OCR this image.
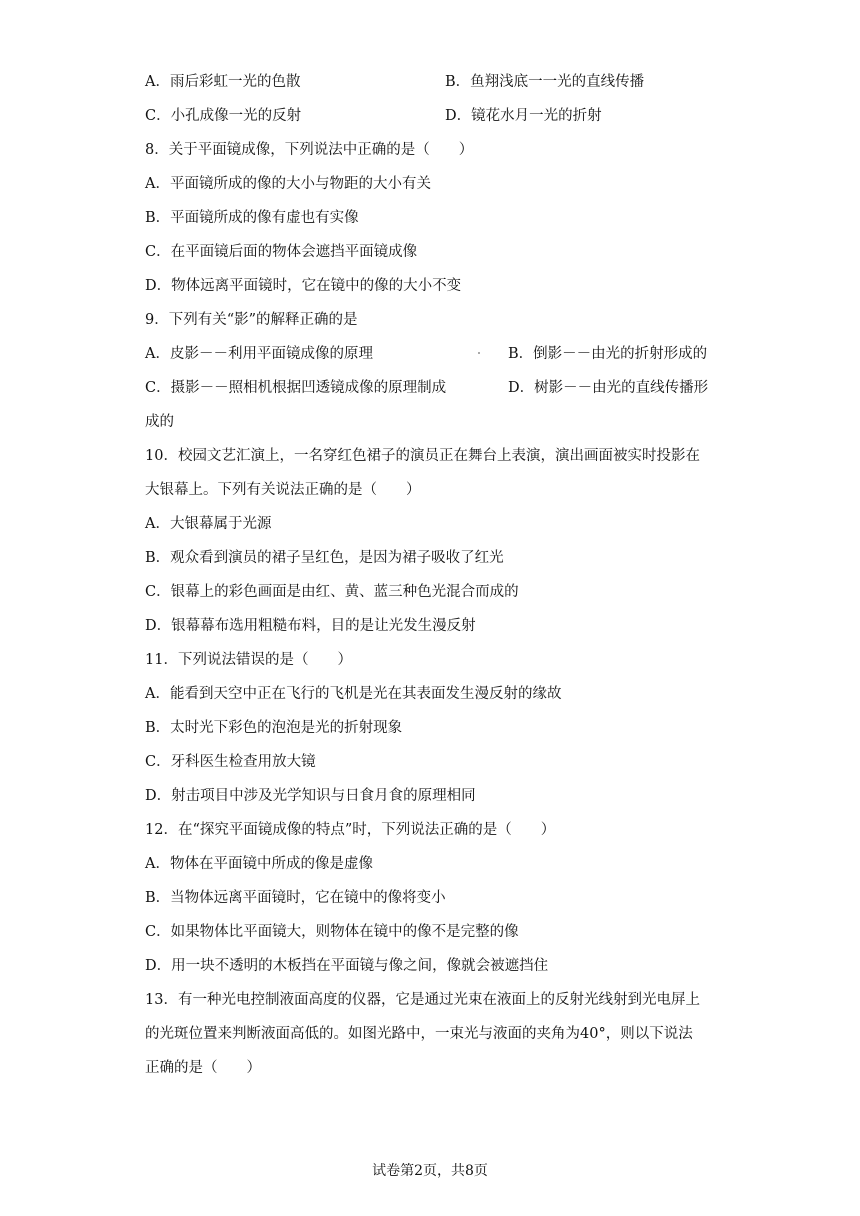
A．雨后彩虹一光的色散	B．鱼翔浅底一一光的直线传播
C．小孔成像一光的反射	D．镜花水月一光的折射
8．关于平面镜成像，下列说法中正确的是（　　）
A．平面镜所成的像的大小与物距的大小有关
B．平面镜所成的像有虚也有实像
C．在平面镜后面的物体会遮挡平面镜成像
D．物体远离平面镜时，它在镜中的像的大小不变
9．下列有关“影”的解释正确的是
A．皮影－－利用平面镜成像的原理	B．倒影－－由光的折射形成的
C．摄影－－照相机根据凹透镜成像的原理制成	D．树影－－由光的直线传播形
成的
10．校园文艺汇演上，一名穿红色裙子的演员正在舞台上表演，演出画面被实时投影在
大银幕上。下列有关说法正确的是（　　）
A．大银幕属于光源
B．观众看到演员的裙子呈红色，是因为裙子吸收了红光
C．银幕上的彩色画面是由红、黄、蓝三种色光混合而成的
D．银幕幕布选用粗糙布料，目的是让光发生漫反射
11．下列说法错误的是（　　）
A．能看到天空中正在飞行的飞机是光在其表面发生漫反射的缘故
B．太时光下彩色的泡泡是光的折射现象
C．牙科医生检查用放大镜
D．射击项目中涉及光学知识与日食月食的原理相同
12．在“探究平面镜成像的特点”时，下列说法正确的是（　　）
A．物体在平面镜中所成的像是虚像
B．当物体远离平面镜时，它在镜中的像将变小
C．如果物体比平面镜大，则物体在镜中的像不是完整的像
D．用一块不透明的木板挡在平面镜与像之间，像就会被遮挡住
13．有一种光电控制液面高度的仪器，它是通过光束在液面上的反射光线射到光电屏上
的光斑位置来判断液面高低的。如图光路中，一束光与液面的夹角为40°，则以下说法
正确的是（　　）
试卷第2页，共8页
